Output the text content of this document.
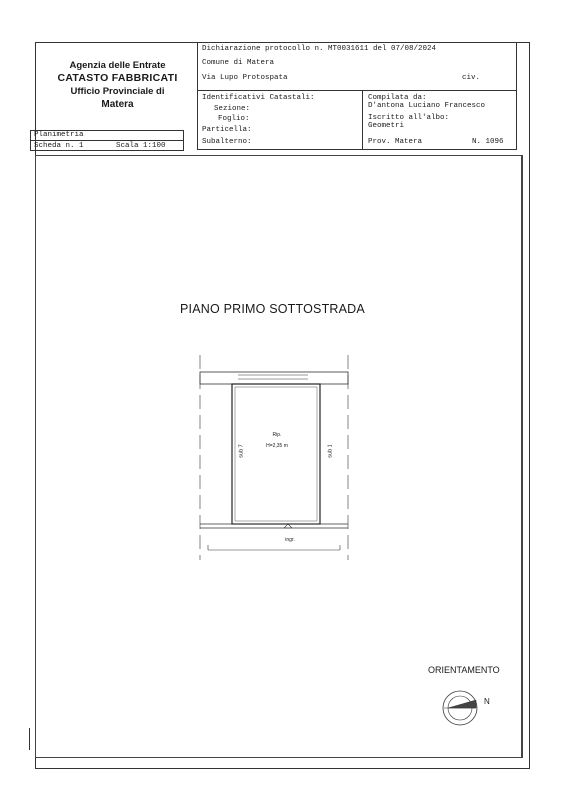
Agenzia delle Entrate
CATASTO FABBRICATI
Ufficio Provinciale di
Matera
Dichiarazione protocollo n. MT0031611 del 07/08/2024
Comune di Matera
Via Lupo Protospata	civ.
Identificativi Catastali:
Sezione:
Foglio:
Particella:
Subalterno:
Compilata da:
D'antona Luciano Francesco
Iscritto all'albo:
Geometri
Prov. Matera	N. 1096
Planimetria
Scheda n. 1	Scala 1:100
PIANO PRIMO SOTTOSTRADA
Rip.
H=2,35 m
sub 7	sub 1
ingr.
ORIENTAMENTO
N
